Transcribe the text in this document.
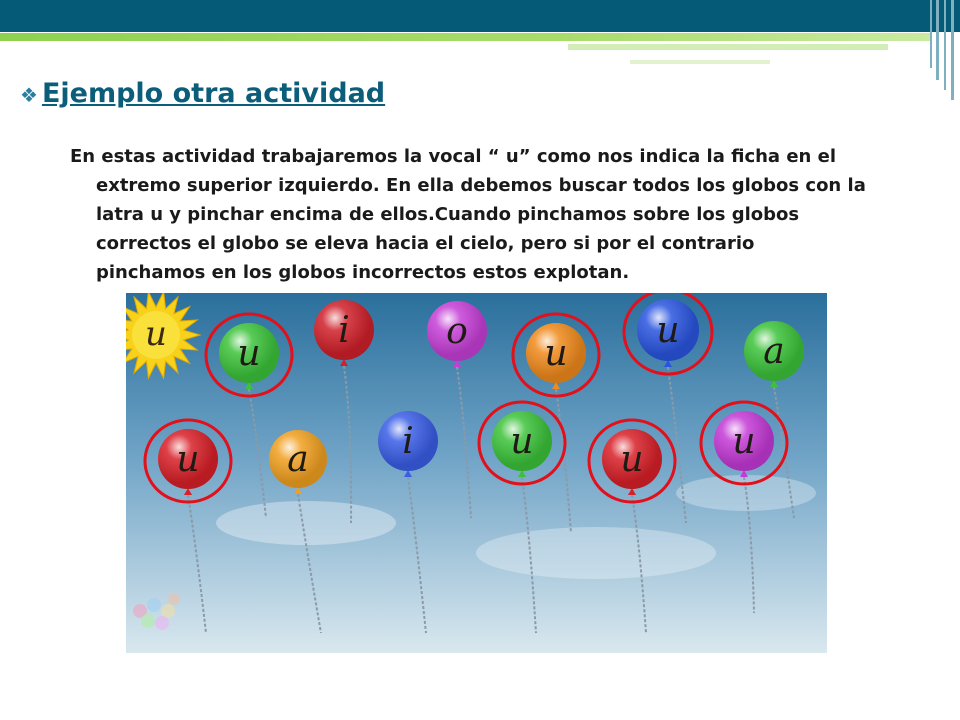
❖ Ejemplo otra actividad
En estas actividad trabajaremos la vocal “ u” como nos indica la ficha en el extremo superior izquierdo. En ella debemos buscar todos los globos con la latra u y pinchar encima de ellos.Cuando pinchamos sobre los globos correctos el globo se eleva hacia el cielo, pero si por el contrario pinchamos en los globos incorrectos estos explotan.
u u
i	o
u
u
a
u a	i	u u u
